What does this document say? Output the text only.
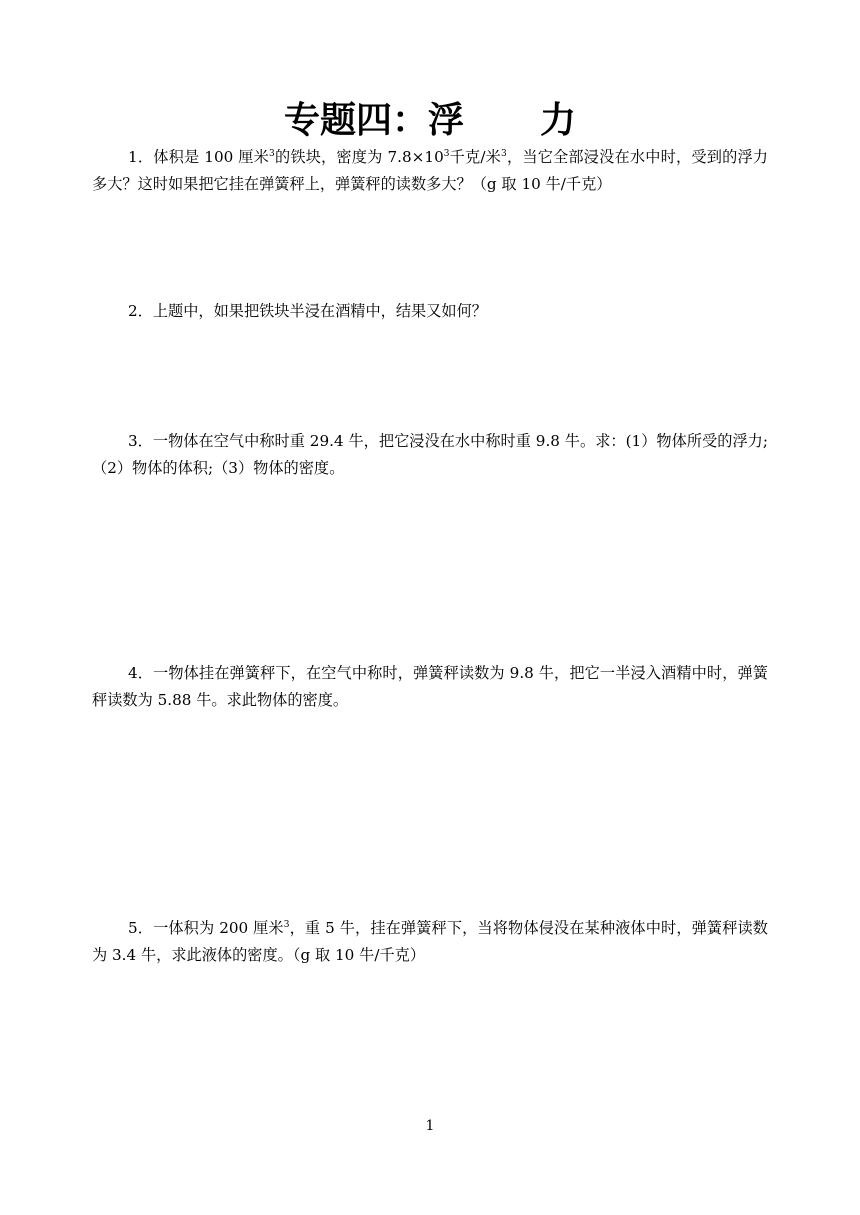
专题四：浮 力

1．体积是 100 厘米$^3$的铁块，密度为 $7.8\times 10^3$千克/米$^3$，当它全部浸没在水中时，受到的浮力多大？这时如果把它挂在弹簧秤上，弹簧秤的读数多大？（g 取 10 牛/千克）

2．上题中，如果把铁块半浸在酒精中，结果又如何？

3．一物体在空气中称时重 29.4 牛，把它浸没在水中称时重 9.8 牛。求：(1）物体所受的浮力;（2）物体的体积;（3）物体的密度。

4．一物体挂在弹簧秤下，在空气中称时，弹簧秤读数为 9.8 牛，把它一半浸入酒精中时，弹簧秤读数为 5.88 牛。求此物体的密度。

5．一体积为 200 厘米$^3$，重 5 牛，挂在弹簧秤下，当将物体侵没在某种液体中时，弹簧秤读数为 3.4 牛，求此液体的密度。（g 取 10 牛/千克）

1
